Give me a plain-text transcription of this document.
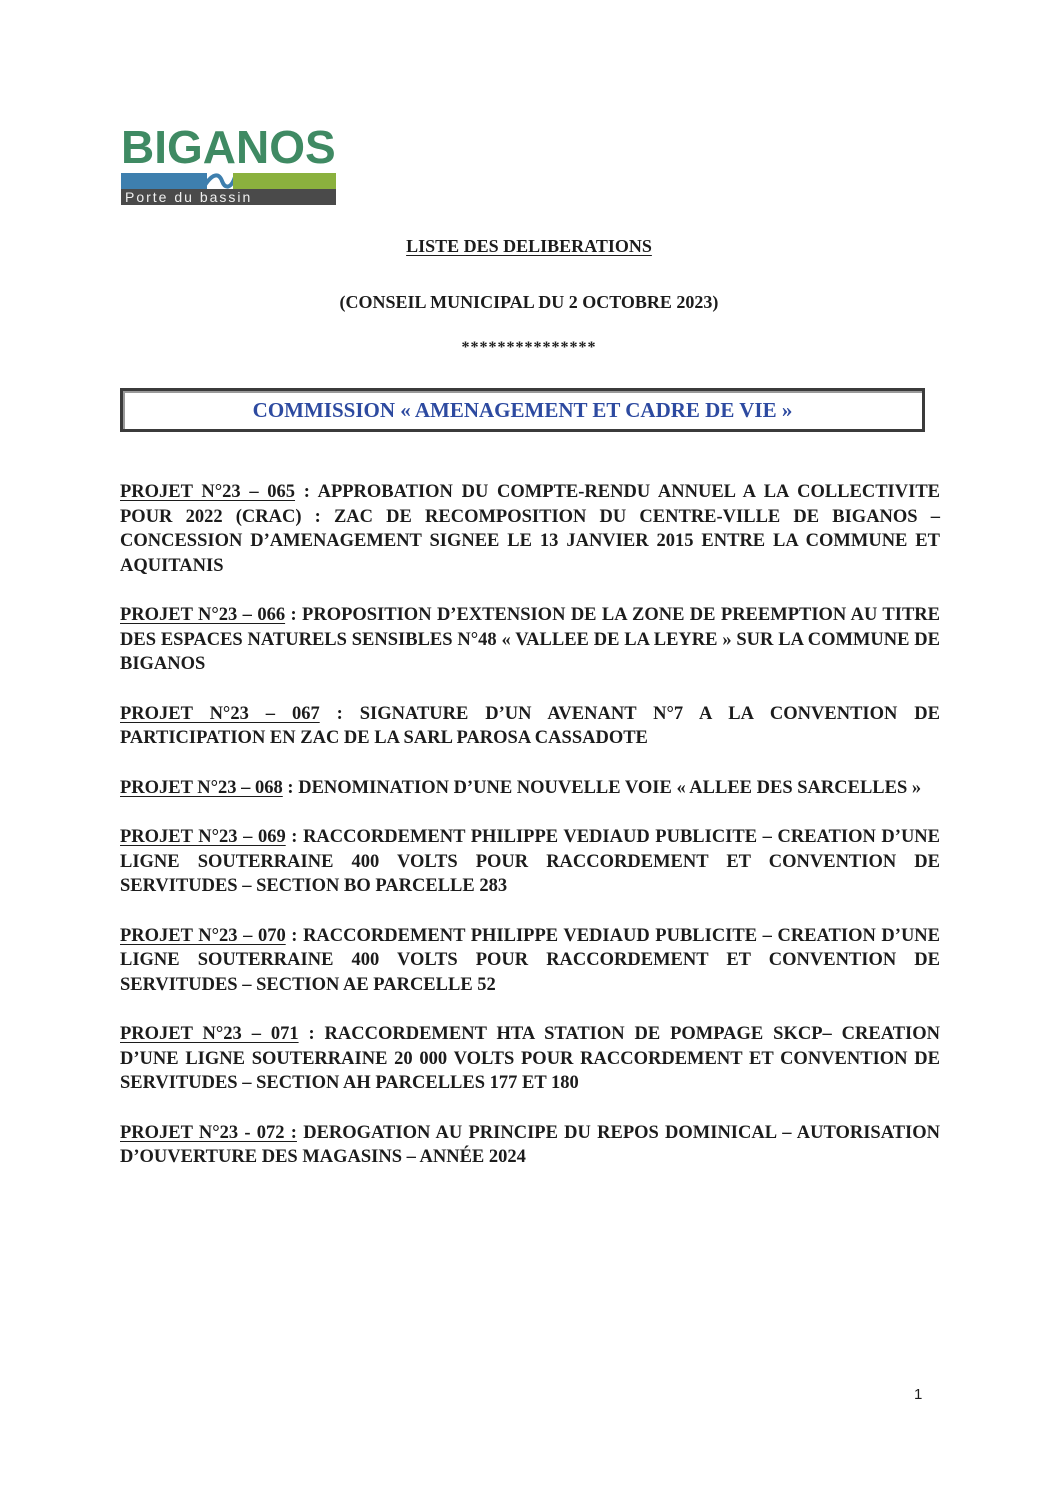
BIGANOS
Porte du bassin
LISTE DES DELIBERATIONS
(CONSEIL MUNICIPAL DU 2 OCTOBRE 2023)
***************
COMMISSION « AMENAGEMENT ET CADRE DE VIE »

PROJET N°23 – 065 : APPROBATION DU COMPTE-RENDU ANNUEL A LA COLLECTIVITE POUR 2022 (CRAC) : ZAC DE RECOMPOSITION DU CENTRE-VILLE DE BIGANOS – CONCESSION D’AMENAGEMENT SIGNEE LE 13 JANVIER 2015 ENTRE LA COMMUNE ET AQUITANIS

PROJET N°23 – 066 : PROPOSITION D’EXTENSION DE LA ZONE DE PREEMPTION AU TITRE DES ESPACES NATURELS SENSIBLES N°48 « VALLEE DE LA LEYRE » SUR LA COMMUNE DE BIGANOS

PROJET N°23 – 067 : SIGNATURE D’UN AVENANT N°7 A LA CONVENTION DE PARTICIPATION EN ZAC DE LA SARL PAROSA CASSADOTE

PROJET N°23 – 068 : DENOMINATION D’UNE NOUVELLE VOIE « ALLEE DES SARCELLES »

PROJET N°23 – 069 : RACCORDEMENT PHILIPPE VEDIAUD PUBLICITE – CREATION D’UNE LIGNE SOUTERRAINE 400 VOLTS POUR RACCORDEMENT ET CONVENTION DE SERVITUDES – SECTION BO PARCELLE 283

PROJET N°23 – 070 : RACCORDEMENT PHILIPPE VEDIAUD PUBLICITE – CREATION D’UNE LIGNE SOUTERRAINE 400 VOLTS POUR RACCORDEMENT ET CONVENTION DE SERVITUDES – SECTION AE PARCELLE 52

PROJET N°23 – 071 : RACCORDEMENT HTA STATION DE POMPAGE SKCP– CREATION D’UNE LIGNE SOUTERRAINE 20 000 VOLTS POUR RACCORDEMENT ET CONVENTION DE SERVITUDES – SECTION AH PARCELLES 177 ET 180

PROJET N°23 - 072 : DEROGATION AU PRINCIPE DU REPOS DOMINICAL – AUTORISATION D’OUVERTURE DES MAGASINS – ANNÉE 2024

1
